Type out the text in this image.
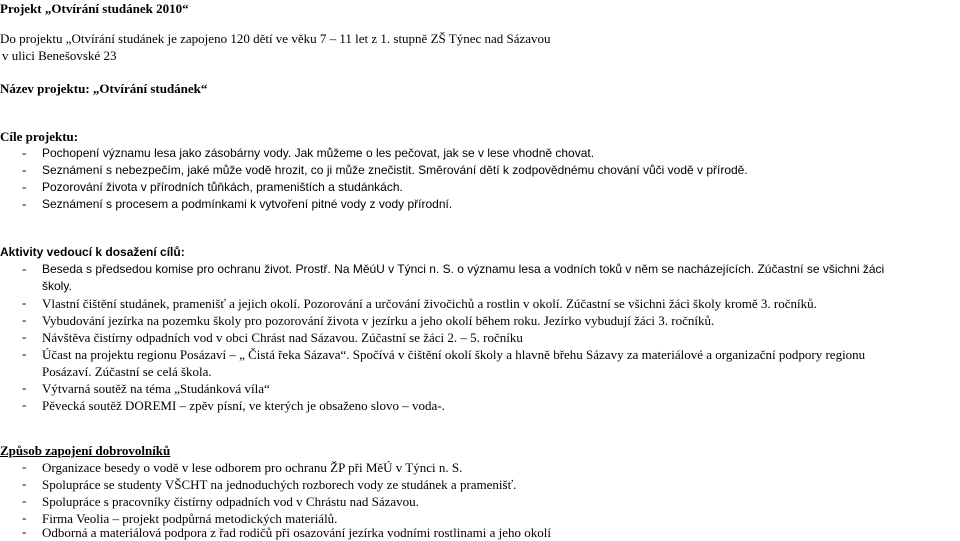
Projekt „Otvírání studánek 2010“
Do projektu „Otvírání studánek je zapojeno 120 dětí ve věku 7 – 11 let z 1. stupně ZŠ Týnec nad Sázavou
v ulici Benešovské 23
Název projektu: „Otvírání studánek“
Cíle projektu:
- Pochopení významu lesa jako zásobárny vody. Jak můžeme o les pečovat, jak se v lese vhodně chovat.
- Seznámení s nebezpečím, jaké může vodě hrozit, co ji může znečistit. Směrování dětí k zodpovědnému chování vůči vodě v přírodě.
- Pozorování života v přírodních tůňkách, prameništích a studánkách.
- Seznámení s procesem a podmínkami k vytvoření pitné vody z vody přírodní.
Aktivity vedoucí k dosažení cílů:
- Beseda s předsedou komise pro ochranu život. Prostř. Na MěúU v Týnci n. S. o významu lesa a vodních toků v něm se nacházejících. Zúčastní se všichni žáci
školy.
- Vlastní čištění studánek, pramenišť a jejich okolí. Pozorování a určování živočichů a rostlin v okolí. Zúčastní se všichni žáci školy kromě 3. ročníků.
- Vybudování jezírka na pozemku školy pro pozorování života v jezírku a jeho okolí během roku. Jezírko vybudují žáci 3. ročníků.
- Návštěva čistírny odpadních vod v obci Chrást nad Sázavou. Zúčastní se žáci 2. – 5. ročníku
- Účast na projektu regionu Posázaví – „ Čistá řeka Sázava“. Spočívá v čištění okolí školy a hlavně břehu Sázavy za materiálové a organizační podpory regionu
Posázaví. Zúčastní se celá škola.
- Výtvarná soutěž na téma „Studánková víla“
- Pěvecká soutěž DOREMI – zpěv písní, ve kterých je obsaženo slovo – voda-.
Způsob zapojení dobrovolníků
- Organizace besedy o vodě v lese odborem pro ochranu ŽP při MěÚ v Týnci n. S.
- Spolupráce se studenty VŠCHT na jednoduchých rozborech vody ze studánek a pramenišť.
- Spolupráce s pracovníky čistírny odpadních vod v Chrástu nad Sázavou.
- Firma Veolia – projekt podpůrná metodických materiálů.
- Odborná a materiálová podpora z řad rodičů při osazování jezírka vodními rostlinami a jeho okolí
